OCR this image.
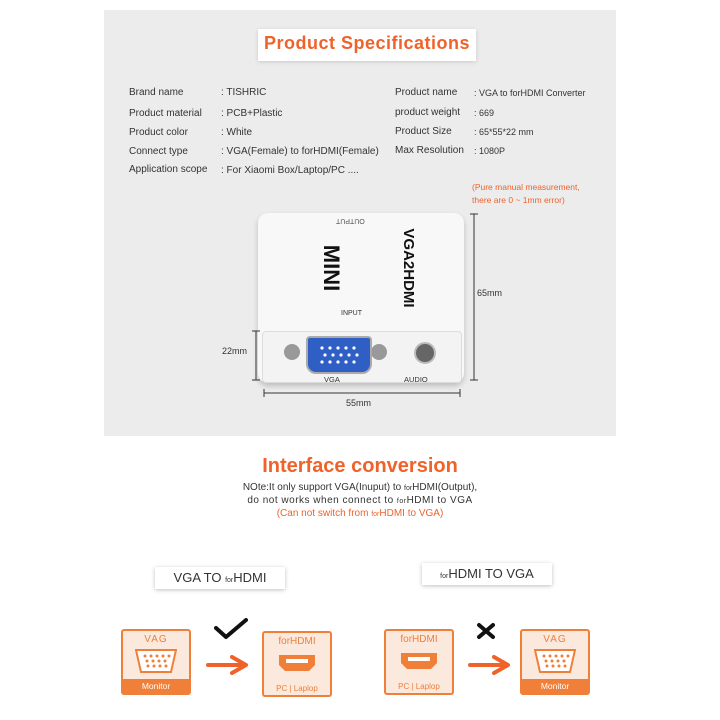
Product Specifications
Brand name	: TISHRIC
Product material : PCB+Plastic
Product color	: White
Connect type	: VGA(Female) to forHDMI(Female)
Application scope : For Xiaomi Box/Laptop/PC ....
Product name : VGA to forHDMI Converter
product weight : 669
Product Size : 65*55*22 mm
Max Resolution : 1080P
(Pure manual measurement,
there are 0 ~ 1mm error)
OUTPUT
MINI	VGA2HDMI
INPUT
VGA	AUDIO
65mm
22mm
55mm
Interface conversion
NOte:It only support VGA(Inuput) to forHDMI(Output),
do not works when connect to forHDMI to VGA
(Can not switch from forHDMI to VGA)
VGA TO forHDMI	forHDMI TO VGA
VAG
Monitor
forHDMI
PC | Laplop
forHDMI
PC | Laplop
VAG
Monitor
